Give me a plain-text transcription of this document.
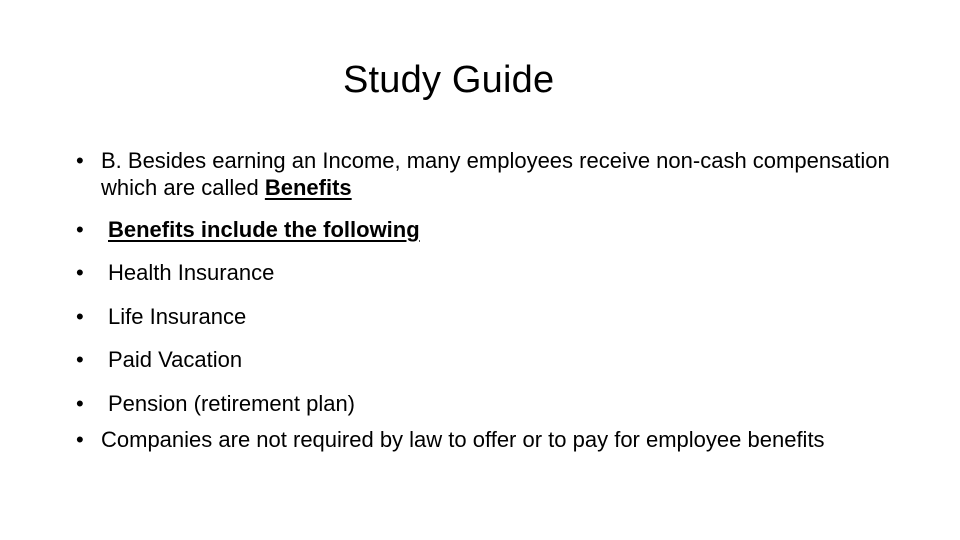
Study Guide
• B. Besides earning an Income, many employees receive non-cash compensation which are called Benefits
•	Benefits include the following
•	Health Insurance
•	Life Insurance
•	Paid Vacation
•	Pension (retirement plan)
• Companies are not required by law to offer or to pay for employee benefits
